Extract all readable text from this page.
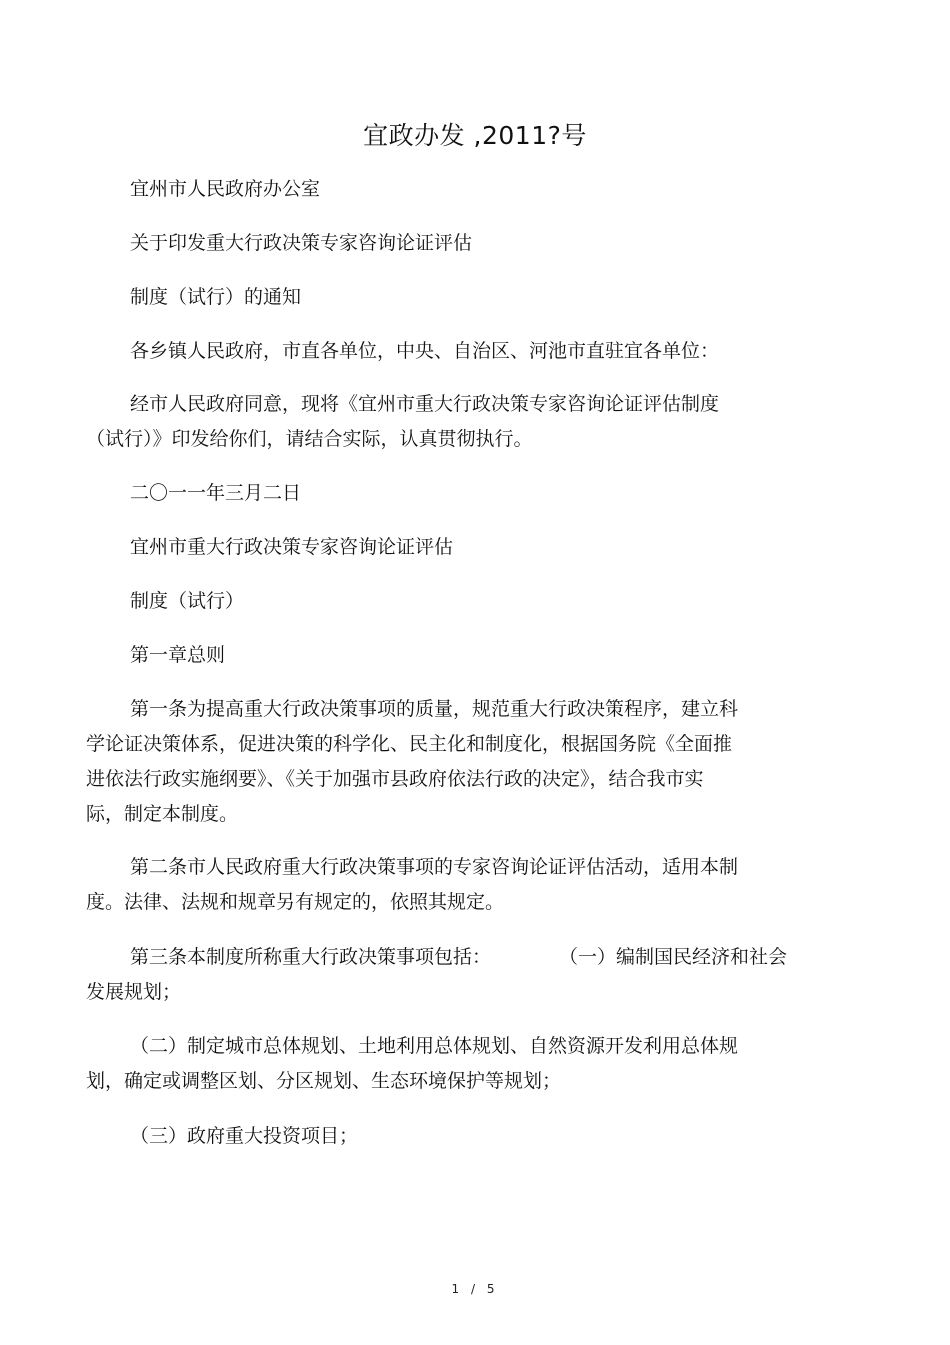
宜政办发 ,2011?号
宜州市人民政府办公室
关于印发重大行政决策专家咨询论证评估
制度（试行）的通知
各乡镇人民政府，市直各单位，中央、自治区、河池市直驻宜各单位：
经市人民政府同意，现将《宜州市重大行政决策专家咨询论证评估制度
（试行）》印发给你们，请结合实际，认真贯彻执行。
二〇一一年三月二日
宜州市重大行政决策专家咨询论证评估
制度（试行）
第一章总则
第一条为提高重大行政决策事项的质量，规范重大行政决策程序，建立科
学论证决策体系，促进决策的科学化、民主化和制度化，根据国务院《全面推
进依法行政实施纲要》、《关于加强市县政府依法行政的决定》，结合我市实
际，制定本制度。
第二条市人民政府重大行政决策事项的专家咨询论证评估活动，适用本制
度。法律、法规和规章另有规定的，依照其规定。
第三条本制度所称重大行政决策事项包括：	（一）编制国民经济和社会
发展规划；
（二）制定城市总体规划、土地利用总体规划、自然资源开发利用总体规
划，确定或调整区划、分区规划、生态环境保护等规划；
（三）政府重大投资项目；
1 / 5
